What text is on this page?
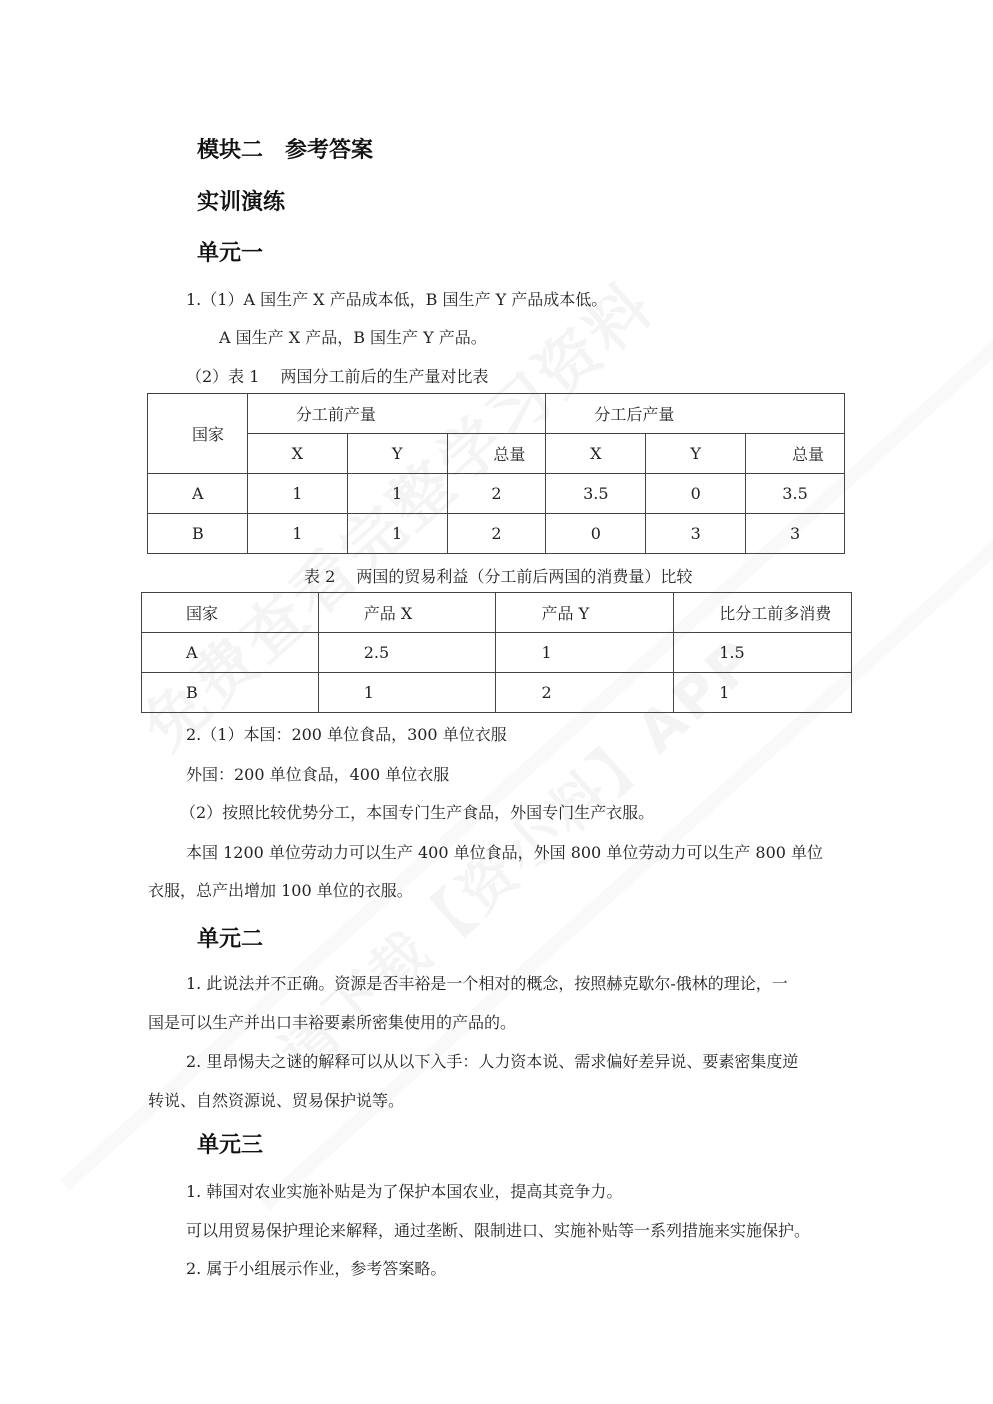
模块二　参考答案
实训演练
单元一
1.（1）A 国生产 X 产品成本低，B 国生产 Y 产品成本低。
A 国生产 X 产品，B 国生产 Y 产品。
（2）表 1　 两国分工前后的生产量对比表
国家	分工前产量			分工后产量		
	X	Y	总量	X	Y	总量
A	1	1	2	3.5	0	3.5
B	1	1	2	0	3	3
表 2　 两国的贸易利益（分工前后两国的消费量）比较
国家	产品 X	产品 Y	比分工前多消费
A	2.5	1	1.5
B	1	2	1
2.（1）本国：200 单位食品，300 单位衣服
外国：200 单位食品，400 单位衣服
（2）按照比较优势分工，本国专门生产食品，外国专门生产衣服。
本国 1200 单位劳动力可以生产 400 单位食品，外国 800 单位劳动力可以生产 800 单位
衣服，总产出增加 100 单位的衣服。
单元二
1. 此说法并不正确。资源是否丰裕是一个相对的概念，按照赫克歇尔-俄林的理论，一
国是可以生产并出口丰裕要素所密集使用的产品的。
2. 里昂惕夫之谜的解释可以从以下入手：人力资本说、需求偏好差异说、要素密集度逆
转说、自然资源说、贸易保护说等。
单元三
1. 韩国对农业实施补贴是为了保护本国农业，提高其竞争力。
可以用贸易保护理论来解释，通过垄断、限制进口、实施补贴等一系列措施来实施保护。
2. 属于小组展示作业，参考答案略。
